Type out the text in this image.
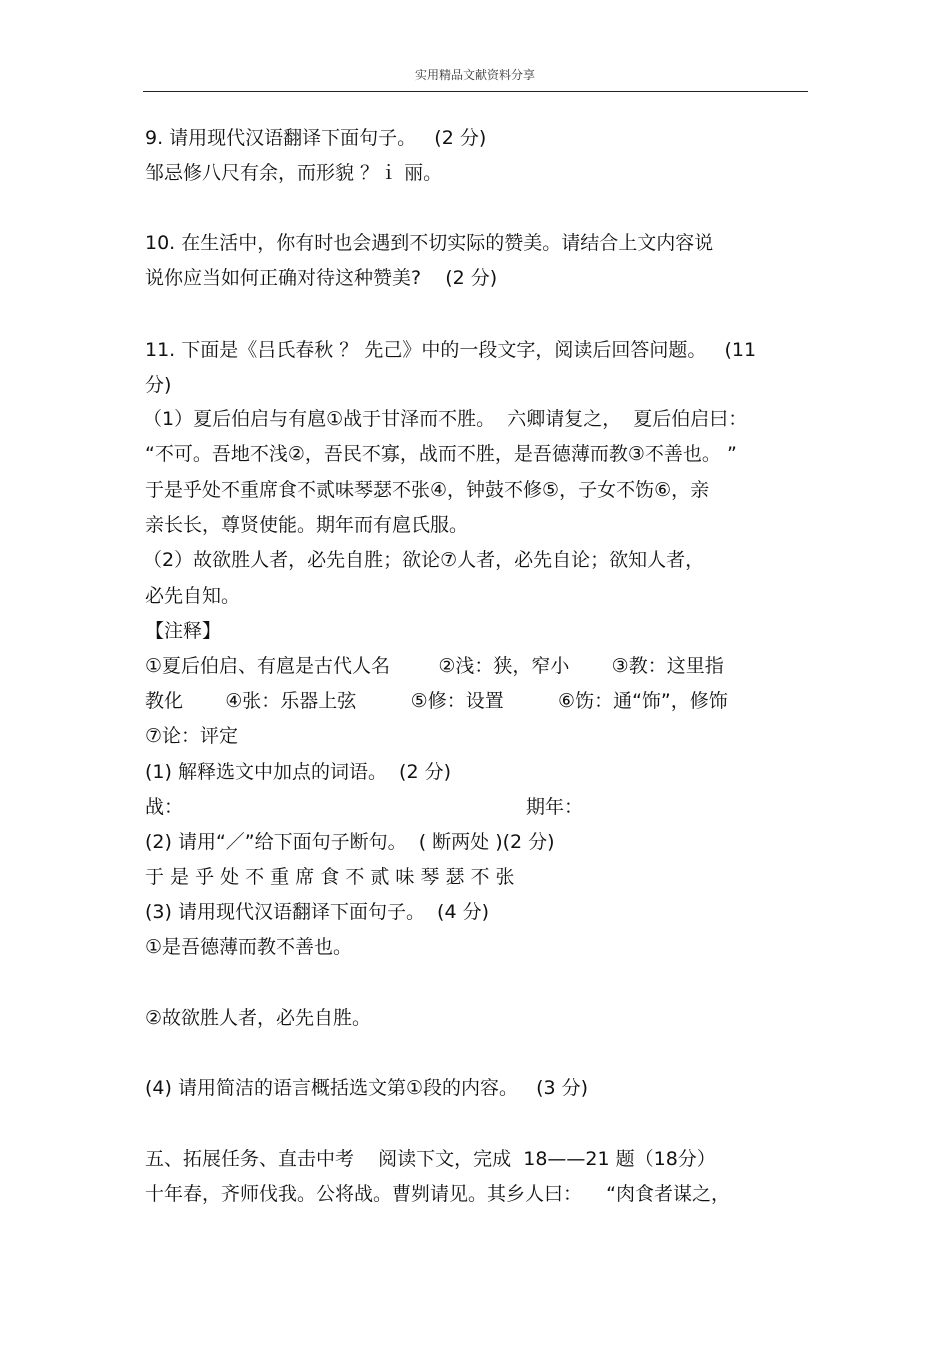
实用精品文献资料分享
9. 请用现代汉语翻译下面句子。   (2 分)
邹忌修八尺有余，而形貌 ？ｉ 丽。
10. 在生活中，你有时也会遇到不切实际的赞美。请结合上文内容说
说你应当如何正确对待这种赞美?    (2 分)
11. 下面是《吕氏春秋 ？ 先己》中的一段文字，阅读后回答问题。   (11
分)
（1）夏后伯启与有扈①战于甘泽而不胜。  六卿请复之，  夏后伯启曰：
“不可。吾地不浅②，吾民不寡，战而不胜，是吾德薄而教③不善也。 ”
于是乎处不重席食不贰味琴瑟不张④，钟鼓不修⑤，子女不饬⑥，亲
亲长长，尊贤使能。期年而有扈氏服。
（2）故欲胜人者，必先自胜；欲论⑦人者，必先自论；欲知人者，
必先自知。
【注释】
①夏后伯启、有扈是古代人名        ②浅：狭，窄小       ③教：这里指
教化       ④张：乐器上弦         ⑤修：设置         ⑥饬：通“饰”，修饰
⑦论：评定
(1) 解释选文中加点的词语。  (2 分)
战：	期年：
(2) 请用“／”给下面句子断句。  ( 断两处 )(2 分)
于 是 乎 处 不 重 席 食 不 贰 味 琴 瑟 不 张
(3) 请用现代汉语翻译下面句子。  (4 分)
①是吾德薄而教不善也。
②故欲胜人者，必先自胜。
(4) 请用简洁的语言概括选文第①段的内容。   (3 分)
五、拓展任务、直击中考    阅读下文，完成  18——21 题（18分）
十年春，齐师伐我。公将战。曹刿请见。其乡人曰：    “肉食者谋之，
